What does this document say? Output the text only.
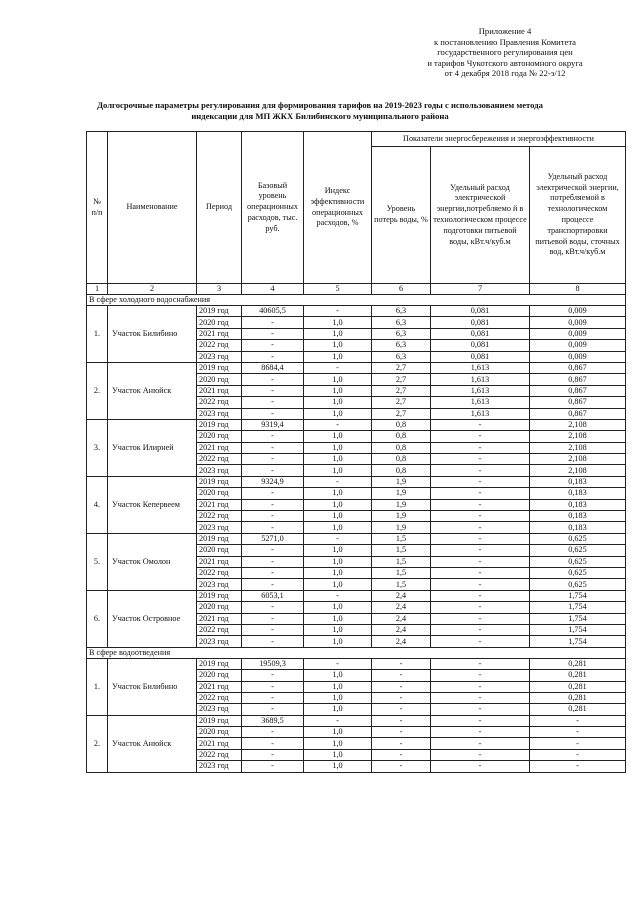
Приложение 4
к постановлению Правления Комитета
государственного регулирования цен
и тарифов Чукотского автономного округа
от 4 декабря 2018 года № 22-э/12
Долгосрочные параметры регулирования для формирования тарифов на 2019-2023 годы с использованием метода
индексации для МП ЖКХ Билибинского муниципального района
№ п/п	Наименование	Период	Базовый уровень операционных расходов, тыс. руб.	Индекс эффективности операционных расходов, %	Показатели энергосбережения и энергоэффективности		
					Уровень потерь воды, %	Удельный расход электрической энергии,потребляемо й в технологическом процессе подготовки питьевой воды, кВт.ч/куб.м	Удельный расход электрической энергии, потребляемой в технологическом процессе транспортировки питьевой воды, сточных вод, кВт.ч/куб.м
1	2	3	4	5	6	7	8
В сфере холодного водоснабжения							
1.	Участок Билибино	2019 год	40605,5	-	6,3	0,081	0,009
		2020 год	-	1,0	6,3	0,081	0,009
		2021 год	-	1,0	6,3	0,081	0,009
		2022 год	-	1,0	6,3	0,081	0,009
		2023 год	-	1,0	6,3	0,081	0,009
2.	Участок Анюйск	2019 год	8684,4	-	2,7	1,613	0,867
		2020 год	-	1,0	2,7	1,613	0,867
		2021 год	-	1,0	2,7	1,613	0,867
		2022 год	-	1,0	2,7	1,613	0,867
		2023 год	-	1,0	2,7	1,613	0,867
3.	Участок Илирней	2019 год	9319,4	-	0,8	-	2,108
		2020 год	-	1,0	0,8	-	2,108
		2021 год	-	1,0	0,8	-	2,108
		2022 год	-	1,0	0,8	-	2,108
		2023 год	-	1,0	0,8	-	2,108
4.	Участок Кепервеем	2019 год	9324,9	-	1,9	-	0,183
		2020 год	-	1,0	1,9	-	0,183
		2021 год	-	1,0	1,9	-	0,183
		2022 год	-	1,0	1,9	-	0,183
		2023 год	-	1,0	1,9	-	0,183
5.	Участок Омолон	2019 год	5271,0	-	1,5	-	0,625
		2020 год	-	1,0	1,5	-	0,625
		2021 год	-	1,0	1,5	-	0,625
		2022 год	-	1,0	1,5	-	0,625
		2023 год	-	1,0	1,5	-	0,625
6.	Участок Островное	2019 год	6053,1	-	2,4	-	1,754
		2020 год	-	1,0	2,4	-	1,754
		2021 год	-	1,0	2,4	-	1,754
		2022 год	-	1,0	2,4	-	1,754
		2023 год	-	1,0	2,4	-	1,754
В сфере водоотведения							
1.	Участок Билибино	2019 год	19509,3	-	-	-	0,281
		2020 год	-	1,0	-	-	0,281
		2021 год	-	1,0	-	-	0,281
		2022 год	-	1,0	-	-	0,281
		2023 год	-	1,0	-	-	0,281
2.	Участок Анюйск	2019 год	3689,5	-	-	-	-
		2020 год	-	1,0	-	-	-
		2021 год	-	1,0	-	-	-
		2022 год	-	1,0	-	-	-
		2023 год	-	1,0	-	-	-
